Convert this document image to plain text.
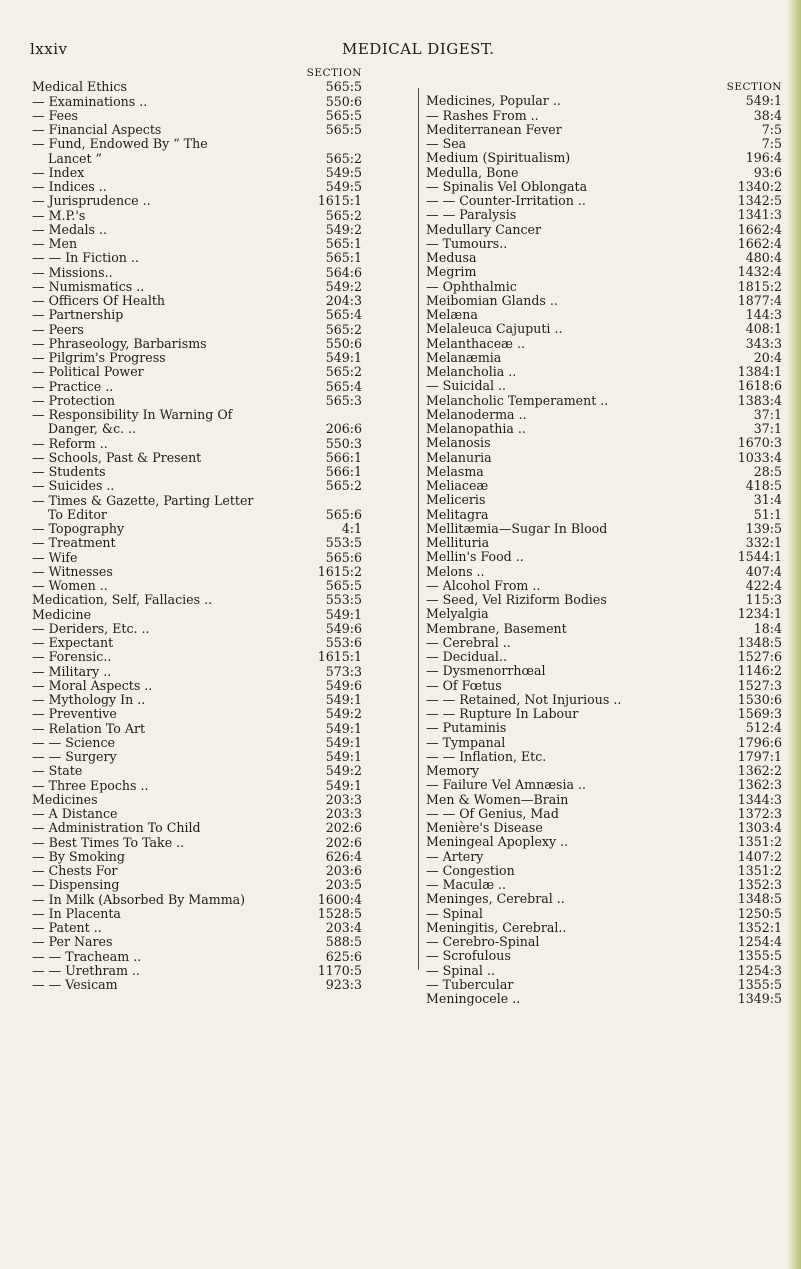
lxxiv	MEDICAL DIGEST.
SECTION
Medical Ethics	565:5
— Examinations ..	550:6
— Fees	565:5
— Financial Aspects	565:5
— Fund, Endowed By “ The
Lancet ”	565:2
— Index	549:5
— Indices ..	549:5
— Jurisprudence ..	1615:1
— M.P.'s	565:2
— Medals ..	549:2
— Men	565:1
— — In Fiction ..	565:1
— Missions..	564:6
— Numismatics ..	549:2
— Officers Of Health	204:3
— Partnership	565:4
— Peers	565:2
— Phraseology, Barbarisms	550:6
— Pilgrim's Progress	549:1
— Political Power	565:2
— Practice ..	565:4
— Protection	565:3
— Responsibility In Warning Of
Danger, &c. ..	206:6
— Reform ..	550:3
— Schools, Past & Present	566:1
— Students	566:1
— Suicides ..	565:2
— Times & Gazette, Parting Letter
To Editor	565:6
— Topography	4:1
— Treatment	553:5
— Wife	565:6
— Witnesses	1615:2
— Women ..	565:5
Medication, Self, Fallacies ..	553:5
Medicine	549:1
— Deriders, Etc. ..	549:6
— Expectant	553:6
— Forensic..	1615:1
— Military ..	573:3
— Moral Aspects ..	549:6
— Mythology In ..	549:1
— Preventive	549:2
— Relation To Art	549:1
— — Science	549:1
— — Surgery	549:1
— State	549:2
— Three Epochs ..	549:1
Medicines	203:3
— A Distance	203:3
— Administration To Child	202:6
— Best Times To Take ..	202:6
— By Smoking	626:4
— Chests For	203:6
— Dispensing	203:5
— In Milk (Absorbed By Mamma)	1600:4
— In Placenta	1528:5
— Patent ..	203:4
— Per Nares	588:5
— — Tracheam ..	625:6
— — Urethram ..	1170:5
— — Vesicam	923:3
SECTION
Medicines, Popular ..	549:1
— Rashes From ..	38:4
Mediterranean Fever	7:5
— Sea	7:5
Medium (Spiritualism)	196:4
Medulla, Bone	93:6
— Spinalis Vel Oblongata	1340:2
— — Counter-Irritation ..	1342:5
— — Paralysis	1341:3
Medullary Cancer	1662:4
— Tumours..	1662:4
Medusa	480:4
Megrim	1432:4
— Ophthalmic	1815:2
Meibomian Glands ..	1877:4
Melæna	144:3
Melaleuca Cajuputi ..	408:1
Melanthaceæ ..	343:3
Melanæmia	20:4
Melancholia ..	1384:1
— Suicidal ..	1618:6
Melancholic Temperament ..	1383:4
Melanoderma ..	37:1
Melanopathia ..	37:1
Melanosis	1670:3
Melanuria	1033:4
Melasma	28:5
Meliaceæ	418:5
Meliceris	31:4
Melitagra	51:1
Mellitæmia—Sugar In Blood	139:5
Mellituria	332:1
Mellin's Food ..	1544:1
Melons ..	407:4
— Alcohol From ..	422:4
— Seed, Vel Riziform Bodies	115:3
Melyalgia	1234:1
Membrane, Basement	18:4
— Cerebral ..	1348:5
— Decidual..	1527:6
— Dysmenorrhœal	1146:2
— Of Fœtus	1527:3
— — Retained, Not Injurious ..	1530:6
— — Rupture In Labour	1569:3
— Putaminis	512:4
— Tympanal	1796:6
— — Inflation, Etc.	1797:1
Memory	1362:2
— Failure Vel Amnæsia ..	1362:3
Men & Women—Brain	1344:3
— — Of Genius, Mad	1372:3
Menière's Disease	1303:4
Meningeal Apoplexy ..	1351:2
— Artery	1407:2
— Congestion	1351:2
— Maculæ ..	1352:3
Meninges, Cerebral ..	1348:5
— Spinal	1250:5
Meningitis, Cerebral..	1352:1
— Cerebro-Spinal	1254:4
— Scrofulous	1355:5
— Spinal ..	1254:3
— Tubercular	1355:5
Meningocele ..	1349:5
